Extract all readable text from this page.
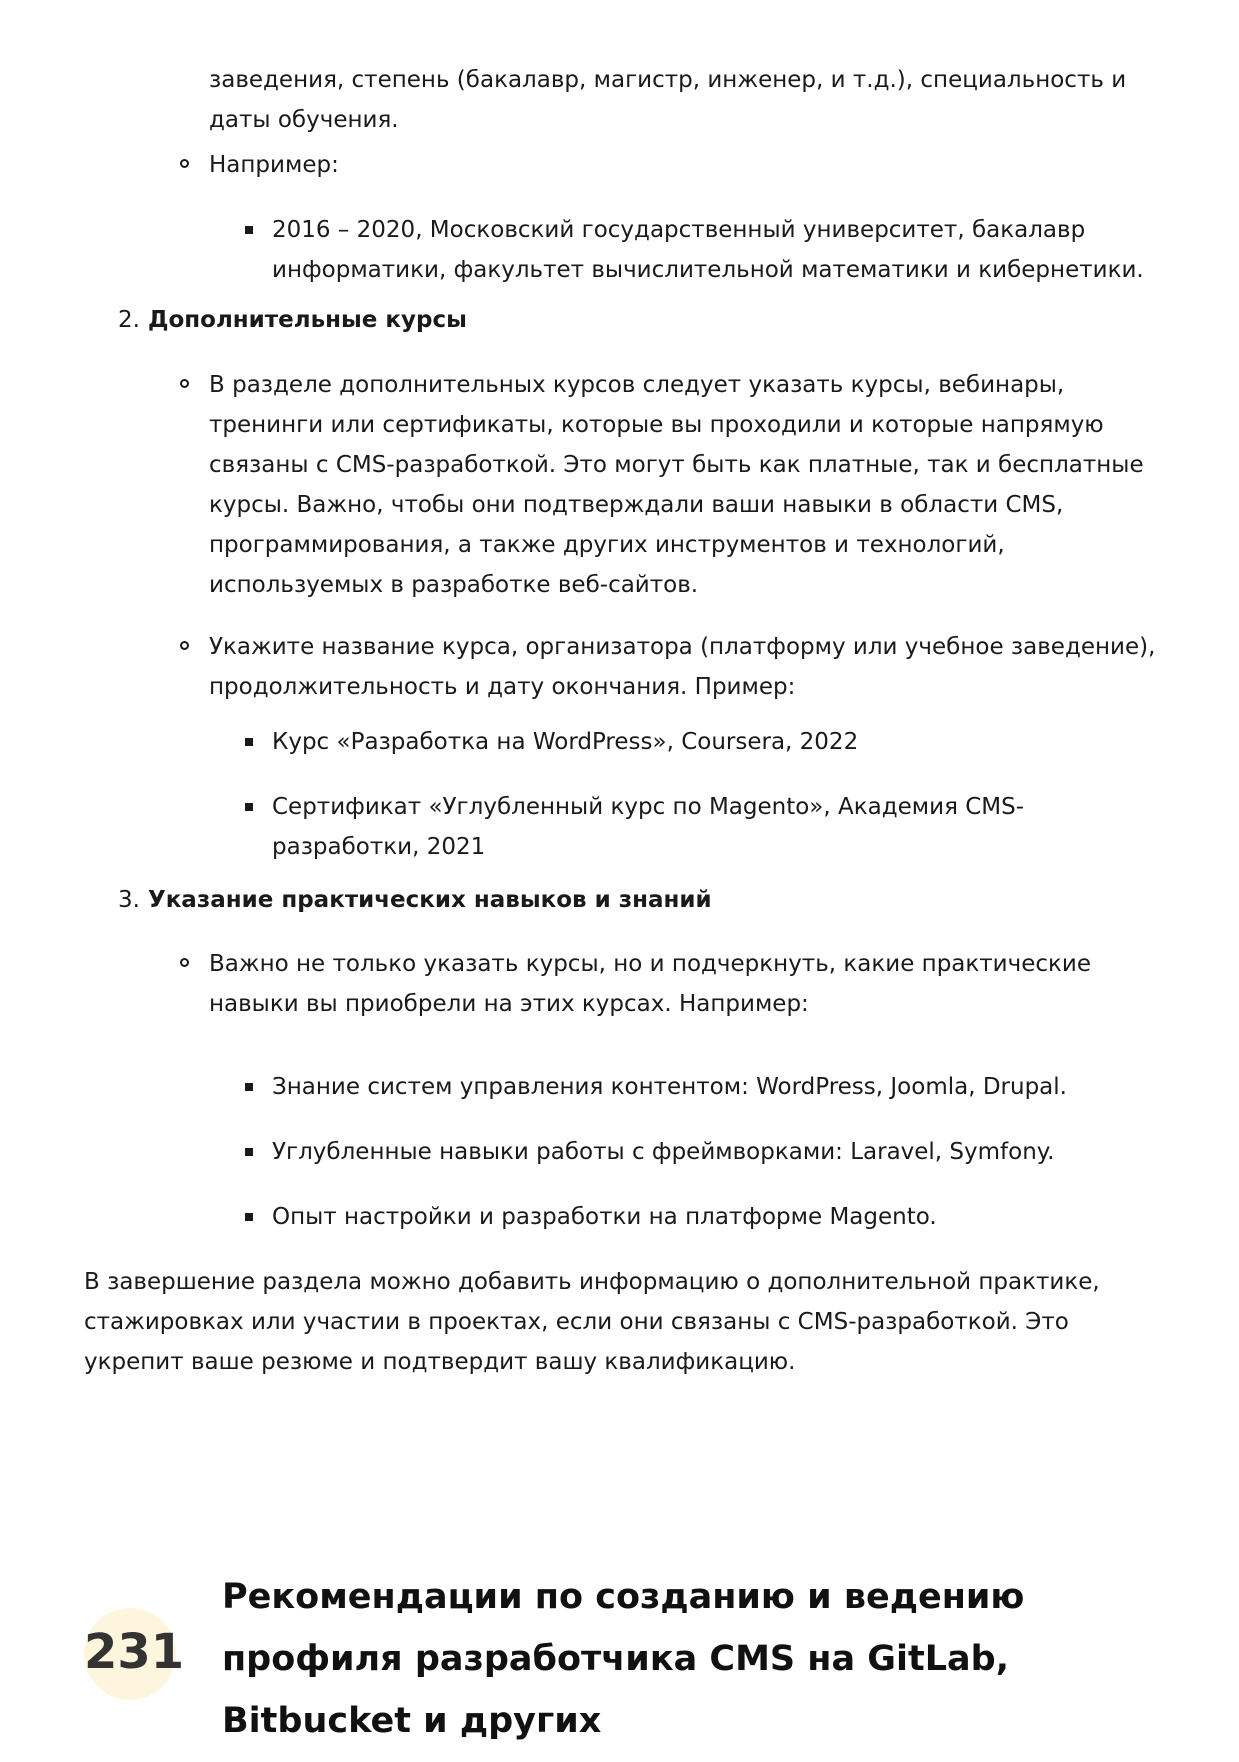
заведения, степень (бакалавр, магистр, инженер, и т.д.), специальность и даты обучения.

Например:

2016 – 2020, Московский государственный университет, бакалавр информатики, факультет вычислительной математики и кибернетики.

2. Дополнительные курсы

В разделе дополнительных курсов следует указать курсы, вебинары, тренинги или сертификаты, которые вы проходили и которые напрямую связаны с CMS-разработкой. Это могут быть как платные, так и бесплатные курсы. Важно, чтобы они подтверждали ваши навыки в области CMS, программирования, а также других инструментов и технологий, используемых в разработке веб-сайтов.

Укажите название курса, организатора (платформу или учебное заведение), продолжительность и дату окончания. Пример:

Курс «Разработка на WordPress», Coursera, 2022

Сертификат «Углубленный курс по Magento», Академия CMS-разработки, 2021

3. Указание практических навыков и знаний

Важно не только указать курсы, но и подчеркнуть, какие практические навыки вы приобрели на этих курсах. Например:

Знание систем управления контентом: WordPress, Joomla, Drupal.

Углубленные навыки работы с фреймворками: Laravel, Symfony.

Опыт настройки и разработки на платформе Magento.

В завершение раздела можно добавить информацию о дополнительной практике, стажировках или участии в проектах, если они связаны с CMS-разработкой. Это укрепит ваше резюме и подтвердит вашу квалификацию.

231
Рекомендации по созданию и ведению профиля разработчика CMS на GitLab, Bitbucket и других
